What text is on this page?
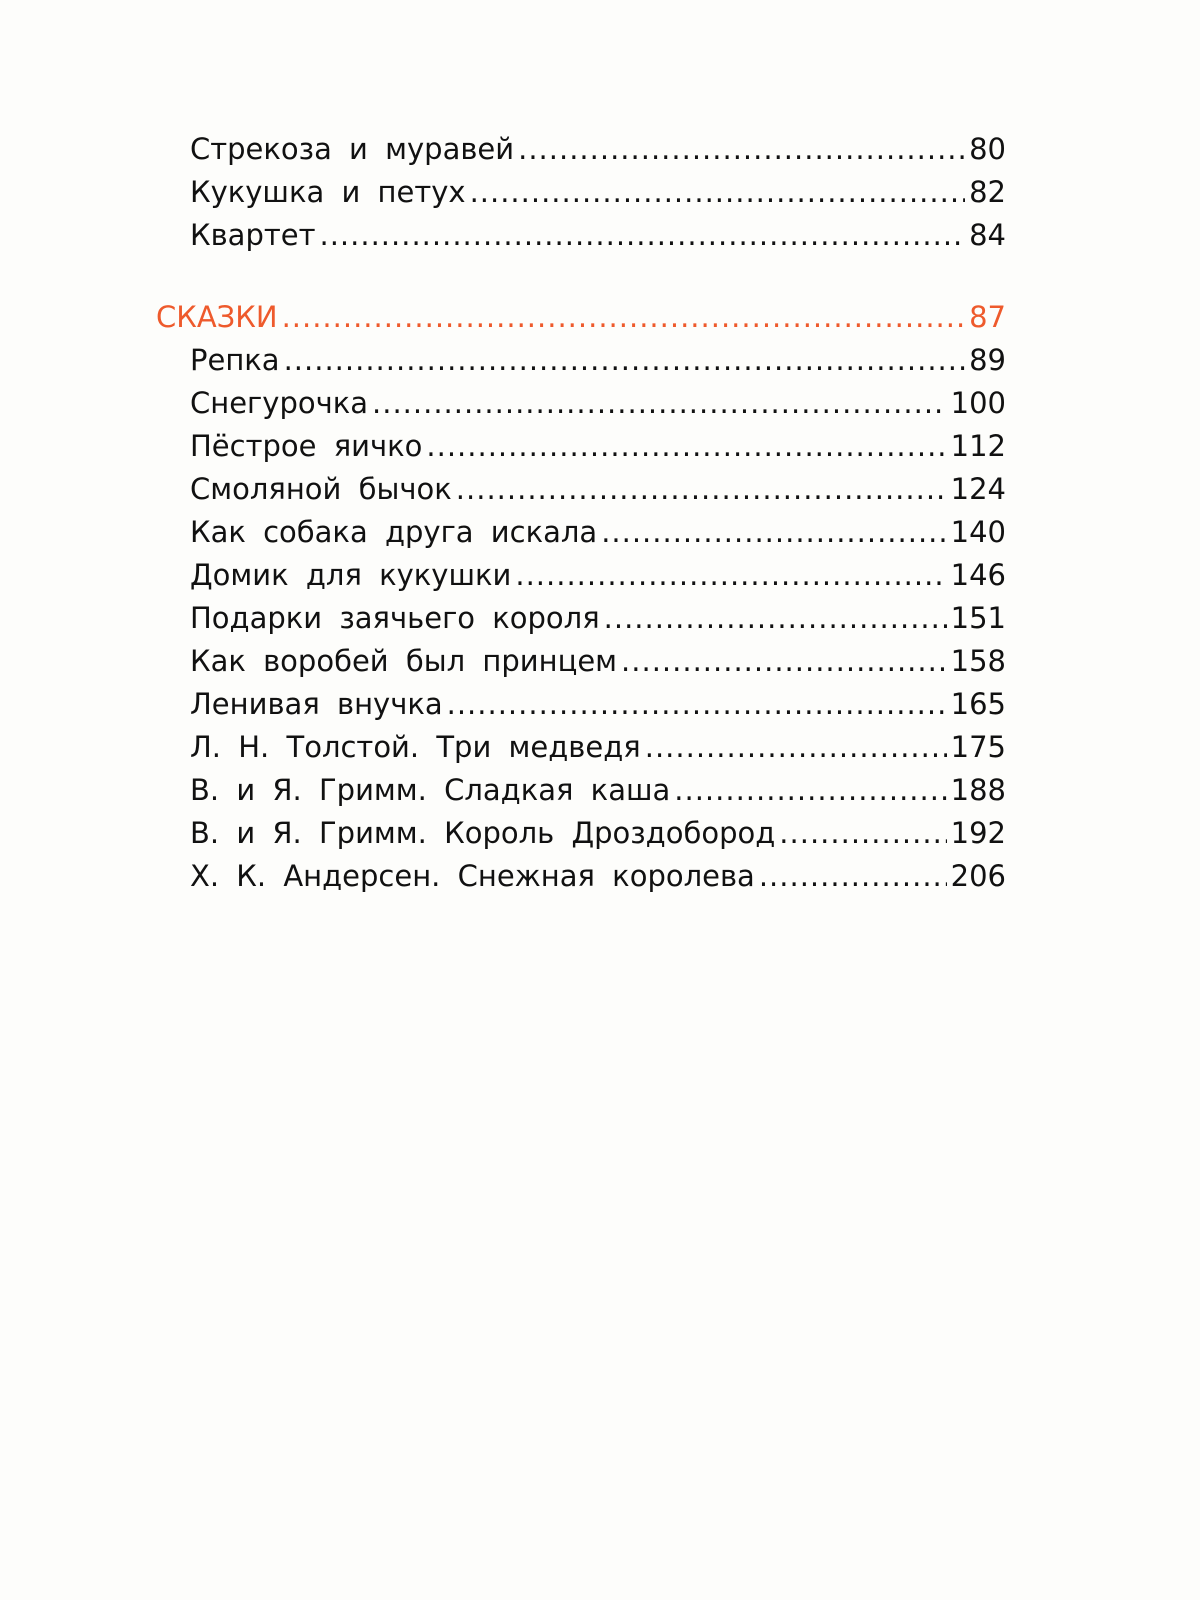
Стрекоза и муравей .....	80
Кукушка и петух .....	82
Квартет .....	84
СКАЗКИ .....	87
Репка .....	89
Снегурочка .....	100
Пёстрое яичко .....	112
Смоляной бычок .....	124
Как собака друга искала .....	140
Домик для кукушки .....	146
Подарки заячьего короля .....	151
Как воробей был принцем .....	158
Ленивая внучка .....	165
Л. Н. Толстой. Три медведя .....	175
В. и Я. Гримм. Сладкая каша .....	188
В. и Я. Гримм. Король Дроздобород .....	192
Х. К. Андерсен. Снежная королева .....	206
